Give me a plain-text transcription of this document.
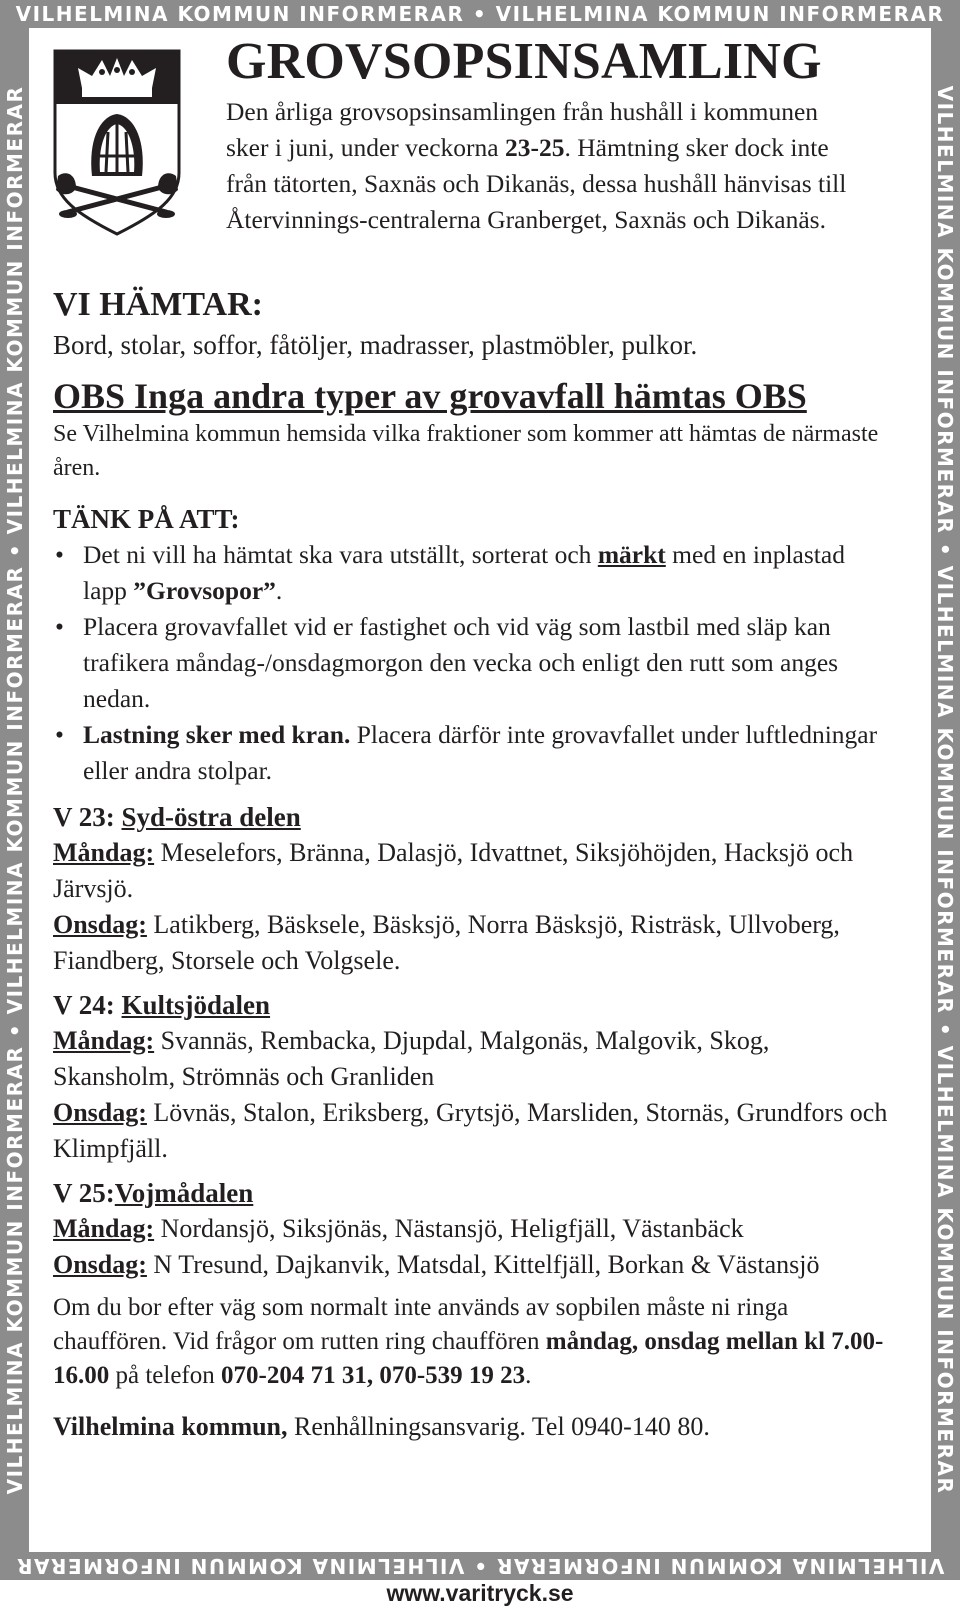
VILHELMINA KOMMUN INFORMERAR • VILHELMINA KOMMUN INFORMERAR
VILHELMINA KOMMUN INFORMERAR • VILHELMINA KOMMUN INFORMERAR
VILHELMINA KOMMUN INFORMERAR • VILHELMINA KOMMUN INFORMERAR • VILHELMINA KOMMUN INFORMERAR	VILHELMINA KOMMUN INFORMERAR • VILHELMINA KOMMUN INFORMERAR • VILHELMINA KOMMUN INFORMERAR
GROVSOPSINSAMLING
Den årliga grovsopsinsamlingen från hushåll i kommunen sker i juni, under veckorna 23-25. Hämtning sker dock inte från tätorten, Saxnäs och Dikanäs, dessa hushåll hänvisas till Återvinnings-centralerna Granberget, Saxnäs och Dikanäs.
VI HÄMTAR:
Bord, stolar, soffor, fåtöljer, madrasser, plastmöbler, pulkor.
OBS Inga andra typer av grovavfall hämtas OBS
Se Vilhelmina kommun hemsida vilka fraktioner som kommer att hämtas de närmaste åren.
TÄNK PÅ ATT:
• Det ni vill ha hämtat ska vara utställt, sorterat och märkt med en inplastad lapp ”Grovsopor”.
• Placera grovavfallet vid er fastighet och vid väg som lastbil med släp kan trafikera måndag-/onsdagmorgon den vecka och enligt den rutt som anges nedan.
• Lastning sker med kran. Placera därför inte grovavfallet under luftledningar eller andra stolpar.
V 23: Syd-östra delen
Måndag: Meselefors, Bränna, Dalasjö, Idvattnet, Siksjöhöjden, Hacksjö och Järvsjö.
Onsdag: Latikberg, Bäsksele, Bäsksjö, Norra Bäsksjö, Risträsk, Ullvoberg, Fiandberg, Storsele och Volgsele.
V 24: Kultsjödalen
Måndag: Svannäs, Rembacka, Djupdal, Malgonäs, Malgovik, Skog, Skansholm, Strömnäs och Granliden
Onsdag: Lövnäs, Stalon, Eriksberg, Grytsjö, Marsliden, Stornäs, Grundfors och Klimpfjäll.
V 25:Vojmådalen
Måndag: Nordansjö, Siksjönäs, Nästansjö, Heligfjäll, Västanbäck
Onsdag: N Tresund, Dajkanvik, Matsdal, Kittelfjäll, Borkan & Västansjö
Om du bor efter väg som normalt inte används av sopbilen måste ni ringa chauffören. Vid frågor om rutten ring chauffören måndag, onsdag mellan kl 7.00-16.00 på telefon 070-204 71 31, 070-539 19 23.
Vilhelmina kommun, Renhållningsansvarig. Tel 0940-140 80.
www.varitryck.se
